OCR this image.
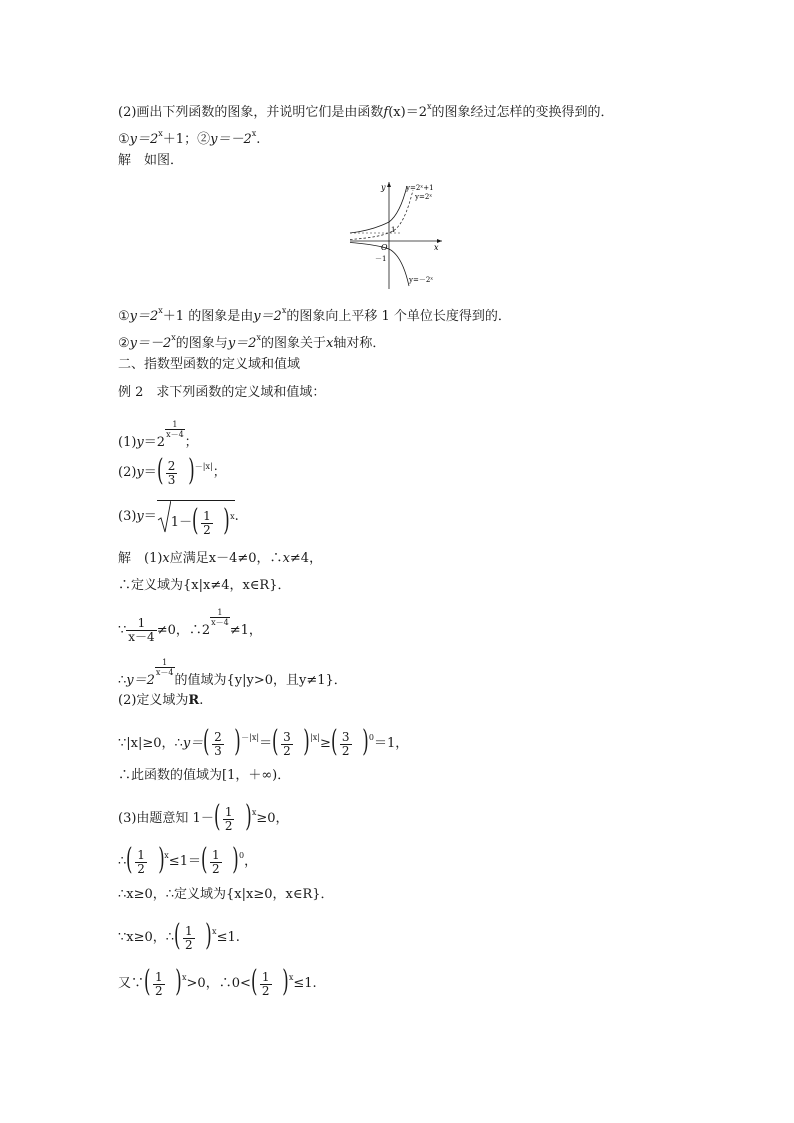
(2)画出下列函数的图象，并说明它们是由函数$f(x)=2^x$的图象经过怎样的变换得到的．
$①y=2^x+1$；$②y=-2^x$.
解　如图．
y
x
O
1
－1
y=2ˣ+1
y=2ˣ
y=－2ˣ
$①y=2^x+1$ 的图象是由$y=2^x$的图象向上平移 1 个单位长度得到的．
$②y=-2^x$的图象与$y=2^x$的图象关于x轴对称．
二、指数型函数的定义域和值域
例 2　求下列函数的定义域和值域：
(1)y＝2
$\frac{1}{x-4}$
；
(2)y＝ ( $\frac{2}{3}$ ) $^{-|x|}$；
(3)y＝ 1－ ( $\frac{1}{2}$ ) $^x$.
解　(1)x应满足x－4≠0，∴x≠4，
∴定义域为{x|x≠4，x∈R}．
∵ $\frac{1}{x-4} \ne 0$，∴2
$\frac{1}{x-4}$
≠1，
∴y＝2
$\frac{1}{x-4}$
的值域为{y|y>0，且y≠1}．
(2)定义域为R.
∵|x|≥0，∴y＝ ( $\frac{2}{3}$ ) $^{-|x|}$＝ ( $\frac{3}{2}$ ) $^{|x|}$≥ ( $\frac{3}{2}$ ) $^0$＝1，
∴此函数的值域为[1，＋∞)．
(3)由题意知 1－ ( $\frac{1}{2}$ ) $^x$≥0，
∴ ( $\frac{1}{2}$ ) $^x$≤1＝ ( $\frac{1}{2}$ ) $^0$，
∴x≥0，∴定义域为{x|x≥0，x∈R}．
∵x≥0，∴ ( $\frac{1}{2}$ ) $^x$≤1.
又∵ ( $\frac{1}{2}$ ) $^x$>0，∴0< ( $\frac{1}{2}$ ) $^x$≤1.
